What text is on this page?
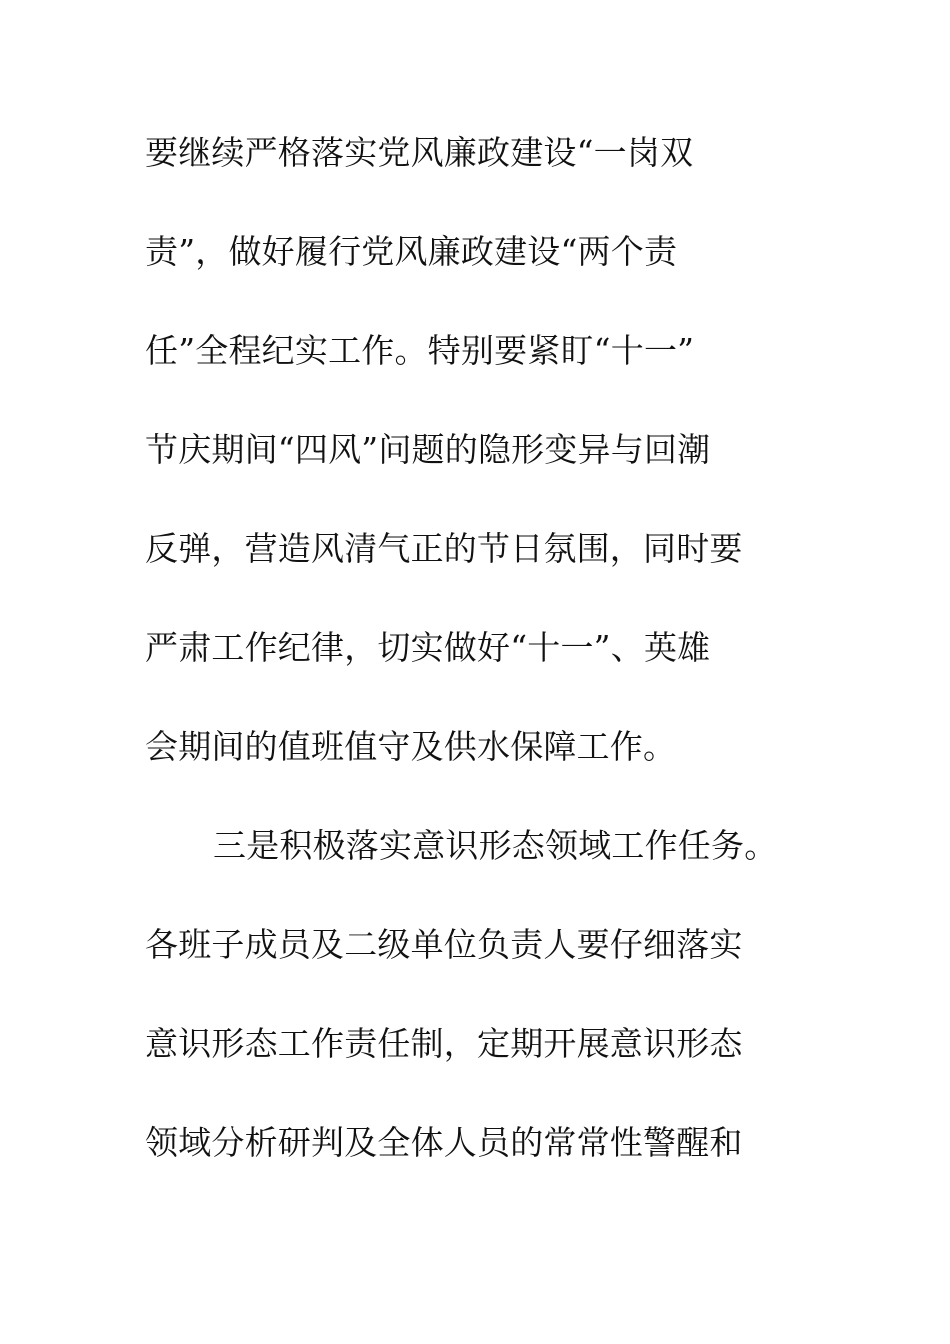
要继续严格落实党风廉政建设“一岗双
责”，做好履行党风廉政建设“两个责
任”全程纪实工作。特别要紧盯“十一”
节庆期间“四风”问题的隐形变异与回潮
反弹，营造风清气正的节日氛围，同时要
严肃工作纪律，切实做好“十一”、英雄
会期间的值班值守及供水保障工作。
三是积极落实意识形态领域工作任务。
各班子成员及二级单位负责人要仔细落实
意识形态工作责任制，定期开展意识形态
领域分析研判及全体人员的常常性警醒和
